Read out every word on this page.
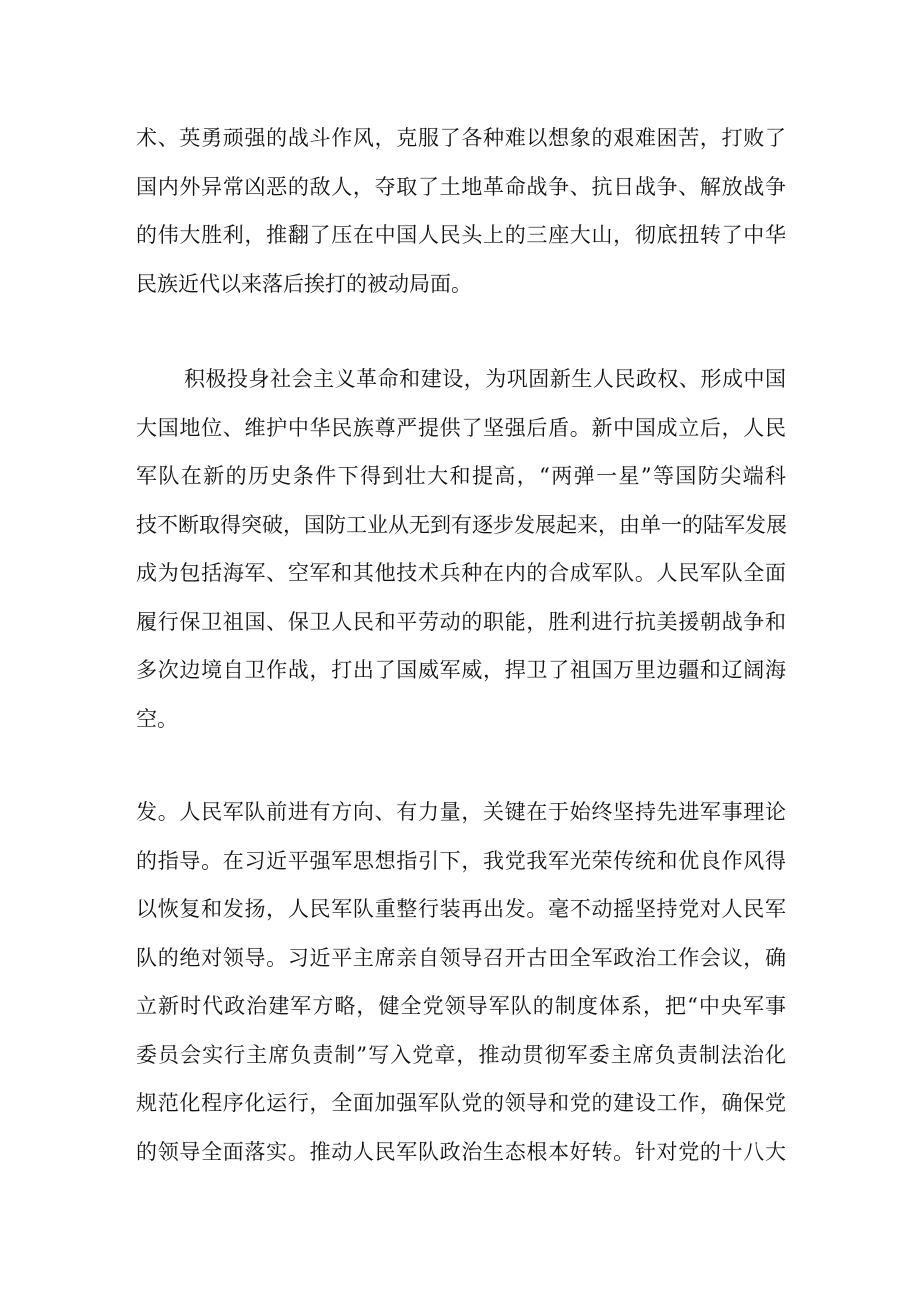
术、英勇顽强的战斗作风，克服了各种难以想象的艰难困苦，打败了
国内外异常凶恶的敌人，夺取了土地革命战争、抗日战争、解放战争
的伟大胜利，推翻了压在中国人民头上的三座大山，彻底扭转了中华
民族近代以来落后挨打的被动局面。
积极投身社会主义革命和建设，为巩固新生人民政权、形成中国
大国地位、维护中华民族尊严提供了坚强后盾。新中国成立后，人民
军队在新的历史条件下得到壮大和提高，“两弹一星”等国防尖端科
技不断取得突破，国防工业从无到有逐步发展起来，由单一的陆军发展
成为包括海军、空军和其他技术兵种在内的合成军队。人民军队全面
履行保卫祖国、保卫人民和平劳动的职能，胜利进行抗美援朝战争和
多次边境自卫作战，打出了国威军威，捍卫了祖国万里边疆和辽阔海
空。
发。人民军队前进有方向、有力量，关键在于始终坚持先进军事理论
的指导。在习近平强军思想指引下，我党我军光荣传统和优良作风得
以恢复和发扬，人民军队重整行装再出发。毫不动摇坚持党对人民军
队的绝对领导。习近平主席亲自领导召开古田全军政治工作会议，确
立新时代政治建军方略，健全党领导军队的制度体系，把“中央军事
委员会实行主席负责制”写入党章，推动贯彻军委主席负责制法治化
规范化程序化运行，全面加强军队党的领导和党的建设工作，确保党
的领导全面落实。推动人民军队政治生态根本好转。针对党的十八大
